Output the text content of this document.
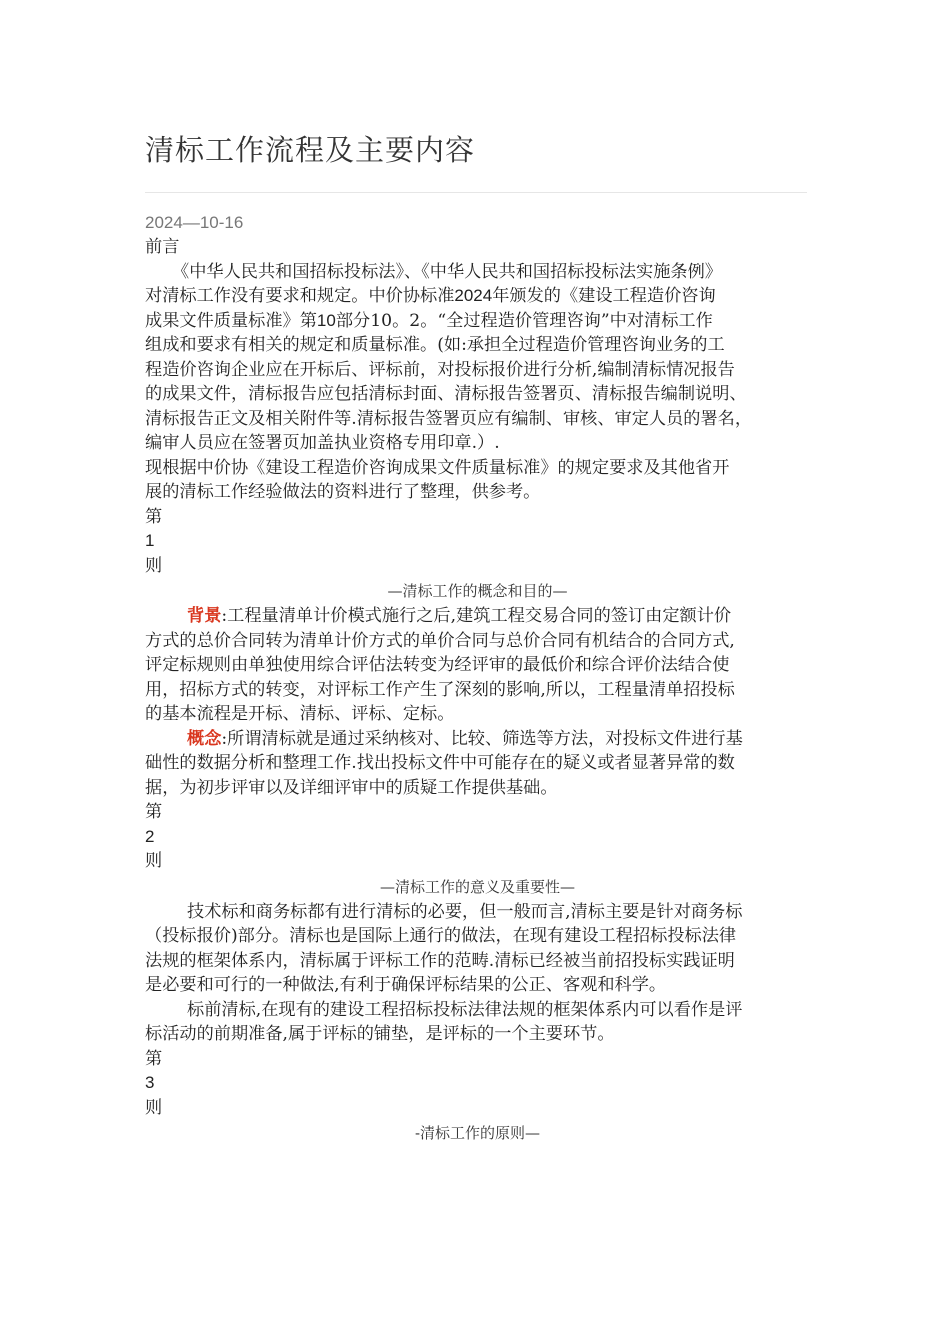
清标工作流程及主要内容
2024—10-16
前言
《中华人民共和国招标投标法》、《中华人民共和国招标投标法实施条例》
对清标工作没有要求和规定。中价协标准2024年颁发的《建设工程造价咨询
成果文件质量标准》第10部分10。2。“全过程造价管理咨询”中对清标工作
组成和要求有相关的规定和质量标准。(如:承担全过程造价管理咨询业务的工
程造价咨询企业应在开标后、评标前，对投标报价进行分析,编制清标情况报告
的成果文件，清标报告应包括清标封面、清标报告签署页、清标报告编制说明、
清标报告正文及相关附件等.清标报告签署页应有编制、审核、审定人员的署名，
编审人员应在签署页加盖执业资格专用印章.）.
现根据中价协《建设工程造价咨询成果文件质量标准》的规定要求及其他省开
展的清标工作经验做法的资料进行了整理，供参考。
第
1
则
—清标工作的概念和目的—
背景:工程量清单计价模式施行之后,建筑工程交易合同的签订由定额计价
方式的总价合同转为清单计价方式的单价合同与总价合同有机结合的合同方式,
评定标规则由单独使用综合评估法转变为经评审的最低价和综合评价法结合使
用，招标方式的转变，对评标工作产生了深刻的影响,所以，工程量清单招投标
的基本流程是开标、清标、评标、定标。
概念:所谓清标就是通过采纳核对、比较、筛选等方法，对投标文件进行基
础性的数据分析和整理工作.找出投标文件中可能存在的疑义或者显著异常的数
据，为初步评审以及详细评审中的质疑工作提供基础。
第
2
则
—清标工作的意义及重要性—
技术标和商务标都有进行清标的必要，但一般而言,清标主要是针对商务标
（投标报价)部分。清标也是国际上通行的做法，在现有建设工程招标投标法律
法规的框架体系内，清标属于评标工作的范畴.清标已经被当前招投标实践证明
是必要和可行的一种做法,有利于确保评标结果的公正、客观和科学。
标前清标,在现有的建设工程招标投标法律法规的框架体系内可以看作是评
标活动的前期准备,属于评标的铺垫，是评标的一个主要环节。
第
3
则
-清标工作的原则—
